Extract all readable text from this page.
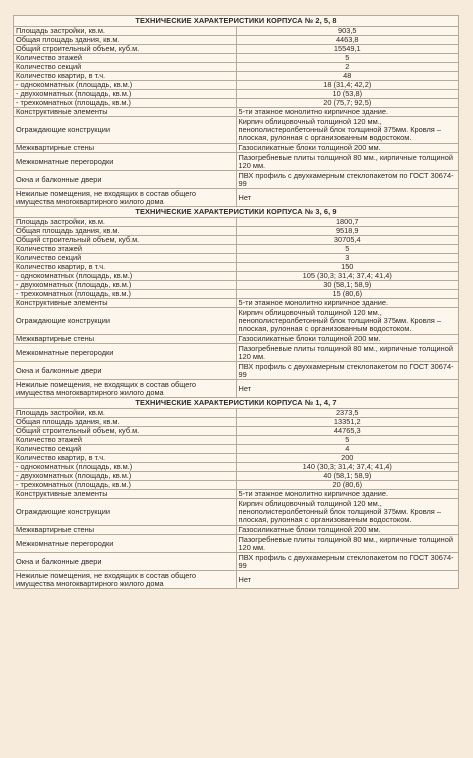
ТЕХНИЧЕСКИЕ ХАРАКТЕРИСТИКИ КОРПУСА № 2, 5, 8	
Площадь застройки, кв.м.	903,5
Общая площадь здания, кв.м.	4463,8
Общий строительный объем, куб.м.	15549,1
Количество этажей	5
Количество секций	2
Количество квартир, в т.ч.	48
- однокомнатных (площадь, кв.м.)	18 (31,4; 42,2)
- двухкомнатных (площадь, кв.м.)	10 (53,8)
- трехкомнатных (площадь, кв.м.)	20 (75,7; 92,5)
Конструктивные элементы	5-ти этажное монолитно кирпичное здание.
Ограждающие конструкции	Кирпич облицовочный толщиной 120 мм., пенополистеролбетонный блок толщиной 375мм. Кровля – плоская, рулонная с организованным водостоком.
Межквартирные стены	Газосиликатные блоки толщиной 200 мм.
Межкомнатные перегородки	Пазогребневые плиты толщиной 80 мм., кирпичные толщиной 120 мм.
Окна и балконные двери	ПВХ профиль с двухкамерным стеклопакетом по ГОСТ 30674-99
Нежилые помещения, не входящих в состав общего имущества многоквартирного жилого дома	Нет
ТЕХНИЧЕСКИЕ ХАРАКТЕРИСТИКИ КОРПУСА № 3, 6, 9	
Площадь застройки, кв.м.	1800,7
Общая площадь здания, кв.м.	9518,9
Общий строительный объем, куб.м.	30705,4
Количество этажей	5
Количество секций	3
Количество квартир, в т.ч.	150
- однокомнатных (площадь, кв.м.)	105 (30,3; 31,4; 37,4; 41,4)
- двухкомнатных (площадь, кв.м.)	30 (58,1; 58,9)
- трехкомнатных (площадь, кв.м.)	15 (80,6)
Конструктивные элементы	5-ти этажное монолитно кирпичное здание.
Ограждающие конструкции	Кирпич облицовочный толщиной 120 мм., пенополистеролбетонный блок толщиной 375мм. Кровля – плоская, рулонная с организованным водостоком.
Межквартирные стены	Газосиликатные блоки толщиной 200 мм.
Межкомнатные перегородки	Пазогребневые плиты толщиной 80 мм., кирпичные толщиной 120 мм.
Окна и балконные двери	ПВХ профиль с двухкамерным стеклопакетом по ГОСТ 30674-99
Нежилые помещения, не входящих в состав общего имущества многоквартирного жилого дома	Нет
ТЕХНИЧЕСКИЕ ХАРАКТЕРИСТИКИ КОРПУСА № 1, 4, 7	
Площадь застройки, кв.м.	2373,5
Общая площадь здания, кв.м.	13351,2
Общий строительный объем, куб.м.	44765,3
Количество этажей	5
Количество секций	4
Количество квартир, в т.ч.	200
- однокомнатных (площадь, кв.м.)	140 (30,3; 31,4; 37,4; 41,4)
- двухкомнатных (площадь, кв.м.)	40 (58,1; 58,9)
- трехкомнатных (площадь, кв.м.)	20 (80,6)
Конструктивные элементы	5-ти этажное монолитно кирпичное здание.
Ограждающие конструкции	Кирпич облицовочный толщиной 120 мм., пенополистеролбетонный блок толщиной 375мм. Кровля – плоская, рулонная с организованным водостоком.
Межквартирные стены	Газосиликатные блоки толщиной 200 мм.
Межкомнатные перегородки	Пазогребневые плиты толщиной 80 мм., кирпичные толщиной 120 мм.
Окна и балконные двери	ПВХ профиль с двухкамерным стеклопакетом по ГОСТ 30674-99
Нежилые помещения, не входящих в состав общего имущества многоквартирного жилого дома	Нет
